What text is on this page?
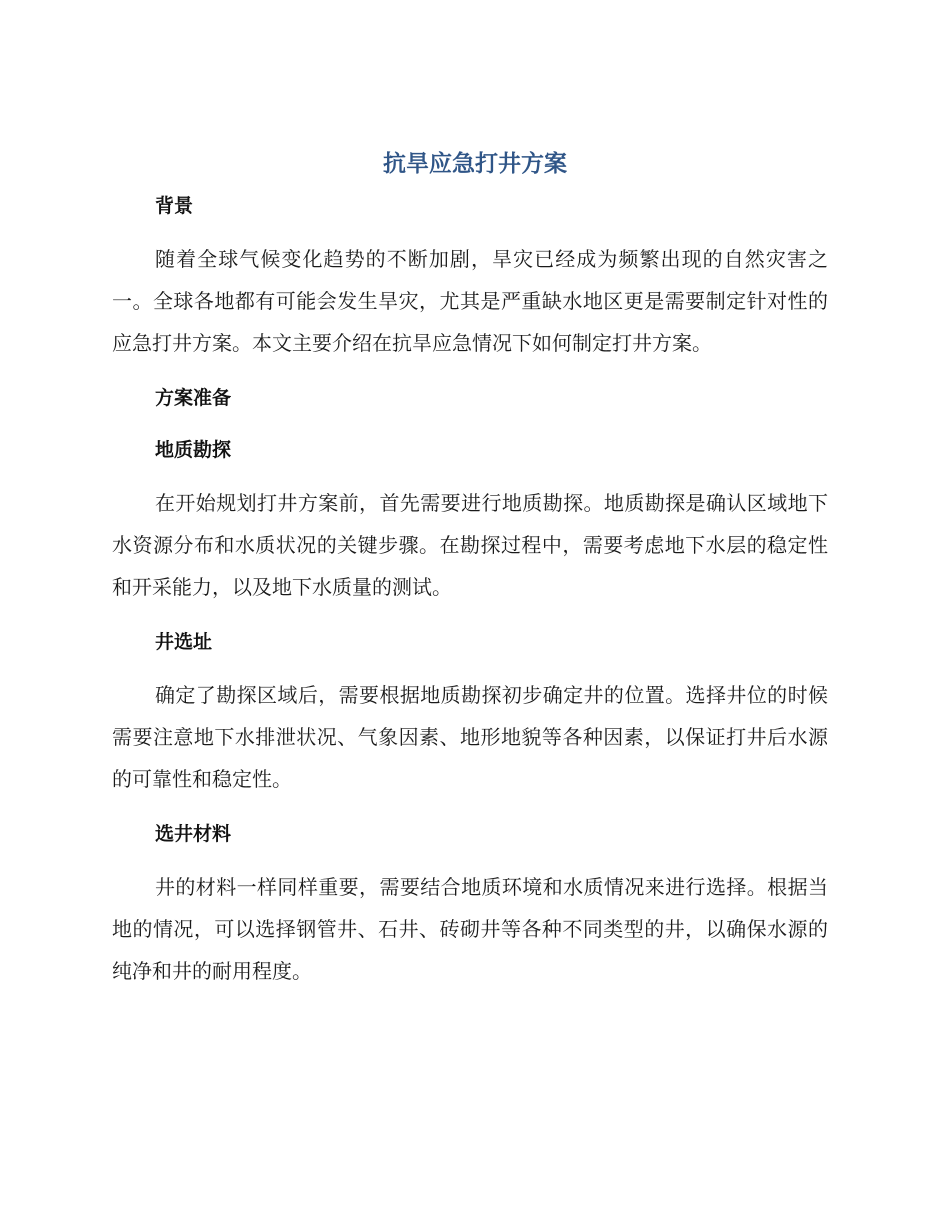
抗旱应急打井方案
背景

随着全球气候变化趋势的不断加剧，旱灾已经成为频繁出现的自然灾害之一。全球各地都有可能会发生旱灾，尤其是严重缺水地区更是需要制定针对性的应急打井方案。本文主要介绍在抗旱应急情况下如何制定打井方案。

方案准备
地质勘探

在开始规划打井方案前，首先需要进行地质勘探。地质勘探是确认区域地下水资源分布和水质状况的关键步骤。在勘探过程中，需要考虑地下水层的稳定性和开采能力，以及地下水质量的测试。

井选址

确定了勘探区域后，需要根据地质勘探初步确定井的位置。选择井位的时候需要注意地下水排泄状况、气象因素、地形地貌等各种因素，以保证打井后水源的可靠性和稳定性。

选井材料

井的材料一样同样重要，需要结合地质环境和水质情况来进行选择。根据当地的情况，可以选择钢管井、石井、砖砌井等各种不同类型的井，以确保水源的纯净和井的耐用程度。
